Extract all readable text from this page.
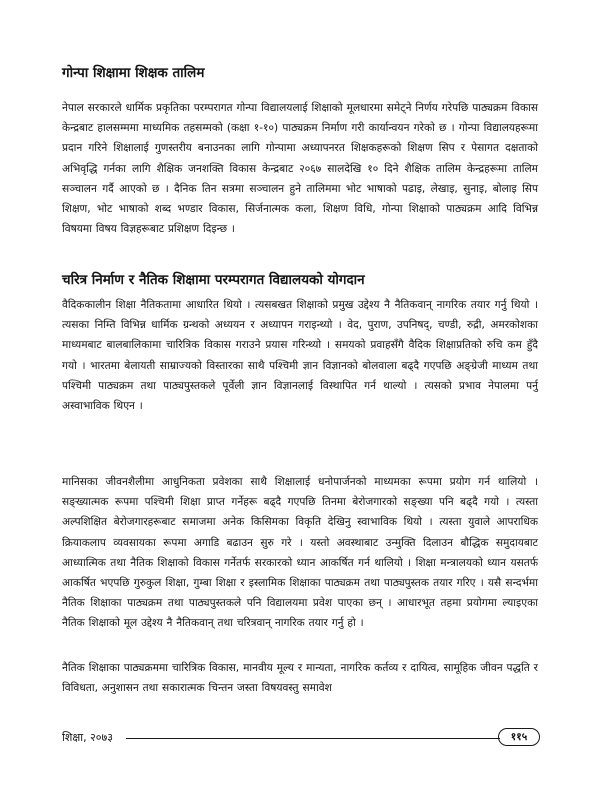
गोन्पा शिक्षामा शिक्षक तालिम
नेपाल सरकारले धार्मिक प्रकृतिका परम्परागत गोन्पा विद्यालयलाई शिक्षाको मूलधारमा समेट्ने निर्णय गरेपछि पाठ्यक्रम विकास केन्द्रबाट हालसम्ममा माध्यमिक तहसम्मको (कक्षा १-१०) पाठ्यक्रम निर्माण गरी कार्यान्वयन गरेको छ । गोन्पा विद्यालयहरूमा प्रदान गरिने शिक्षालाई गुणस्तरीय बनाउनका लागि गोन्पामा अध्यापनरत शिक्षकहरूको शिक्षण सिप र पेसागत दक्षताको अभिवृद्धि गर्नका लागि शैक्षिक जनशक्ति विकास केन्द्रबाट २०६७ सालदेखि १० दिने शैक्षिक तालिम केन्द्रहरूमा तालिम सञ्चालन गर्दै आएको छ । दैनिक तिन सत्रमा सञ्चालन हुने तालिममा भोट भाषाको पढाइ, लेखाइ, सुनाइ, बोलाइ सिप शिक्षण, भोट भाषाको शब्द भण्डार विकास, सिर्जनात्मक कला, शिक्षण विधि, गोन्पा शिक्षाको पाठ्यक्रम आदि विभिन्न विषयमा विषय विज्ञहरूबाट प्रशिक्षण दिइन्छ ।
चरित्र निर्माण र नैतिक शिक्षामा परम्परागत विद्यालयको योगदान
वैदिककालीन शिक्षा नैतिकतामा आधारित थियो । त्यसबखत शिक्षाको प्रमुख उद्देश्य नै नैतिकवान् नागरिक तयार गर्नु थियो । त्यसका निम्ति विभिन्न धार्मिक ग्रन्थको अध्ययन र अध्यापन गराइन्थ्यो । वेद, पुराण, उपनिषद्, चण्डी, रुद्री, अमरकोशका माध्यमबाट बालबालिकामा चारित्रिक विकास गराउने प्रयास गरिन्थ्यो । समयको प्रवाहसँगै वैदिक शिक्षाप्रतिको रुचि कम हुँदै गयो । भारतमा बेलायती साम्राज्यको विस्तारका साथै पश्चिमी ज्ञान विज्ञानको बोलवाला बढ्दै गएपछि अङ्ग्रेजी माध्यम तथा पश्चिमी पाठ्यक्रम तथा पाठ्यपुस्तकले पूर्वेली ज्ञान विज्ञानलाई विस्थापित गर्न थाल्यो । त्यसको प्रभाव नेपालमा पर्नु अस्वाभाविक थिएन ।
मानिसका जीवनशैलीमा आधुनिकता प्रवेशका साथै शिक्षालाई धनोपार्जनको माध्यमका रूपमा प्रयोग गर्न थालियो । सङ्ख्यात्मक रूपमा पश्चिमी शिक्षा प्राप्त गर्नेहरू बढ्दै गएपछि तिनमा बेरोजगारको सङ्ख्या पनि बढ्दै गयो । त्यस्ता अल्पशिक्षित बेरोजगारहरूबाट समाजमा अनेक किसिमका विकृति देखिनु स्वाभाविक थियो । त्यस्ता युवाले आपराधिक क्रियाकलाप व्यवसायका रूपमा अगाडि बढाउन सुरु गरे । यस्तो अवस्थाबाट उन्मुक्ति दिलाउन बौद्धिक समुदायबाट आध्यात्मिक तथा नैतिक शिक्षाको विकास गर्नेतर्फ सरकारको ध्यान आकर्षित गर्न थालियो । शिक्षा मन्त्रालयको ध्यान यसतर्फ आकर्षित भएपछि गुरुकुल शिक्षा, गुम्बा शिक्षा र इस्लामिक शिक्षाका पाठ्यक्रम तथा पाठ्यपुस्तक तयार गरिए । यसै सन्दर्भमा नैतिक शिक्षाका पाठ्यक्रम तथा पाठ्यपुस्तकले पनि विद्यालयमा प्रवेश पाएका छन् । आधारभूत तहमा प्रयोगमा ल्याइएका नैतिक शिक्षाको मूल उद्देश्य नै नैतिकवान् तथा चरित्रवान् नागरिक तयार गर्नु हो ।
नैतिक शिक्षाका पाठ्यक्रममा चारित्रिक विकास, मानवीय मूल्य र मान्यता, नागरिक कर्तव्य र दायित्व, सामूहिक जीवन पद्धति र विविधता, अनुशासन तथा सकारात्मक चिन्तन जस्ता विषयवस्तु समावेश
शिक्षा, २०७३	११५
